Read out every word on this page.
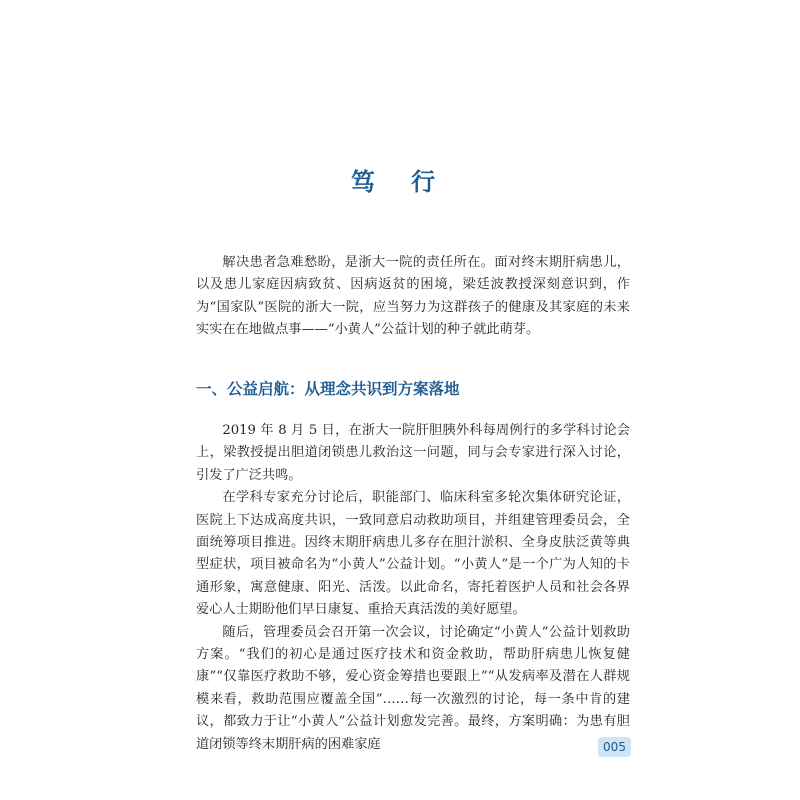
笃 行

解决患者急难愁盼，是浙大一院的责任所在。面对终末期肝病患儿，以及患儿家庭因病致贫、因病返贫的困境，梁廷波教授深刻意识到，作为“国家队”医院的浙大一院，应当努力为这群孩子的健康及其家庭的未来实实在在地做点事——“小黄人”公益计划的种子就此萌芽。

一、公益启航：从理念共识到方案落地

2019 年 8 月 5 日，在浙大一院肝胆胰外科每周例行的多学科讨论会上，梁教授提出胆道闭锁患儿救治这一问题，同与会专家进行深入讨论，引发了广泛共鸣。

在学科专家充分讨论后，职能部门、临床科室多轮次集体研究论证，医院上下达成高度共识，一致同意启动救助项目，并组建管理委员会，全面统筹项目推进。因终末期肝病患儿多存在胆汁淤积、全身皮肤泛黄等典型症状，项目被命名为“小黄人”公益计划。“小黄人”是一个广为人知的卡通形象，寓意健康、阳光、活泼。以此命名，寄托着医护人员和社会各界爱心人士期盼他们早日康复、重拾天真活泼的美好愿望。

随后，管理委员会召开第一次会议，讨论确定“小黄人”公益计划救助方案。“我们的初心是通过医疗技术和资金救助，帮助肝病患儿恢复健康”“仅靠医疗救助不够，爱心资金筹措也要跟上”“从发病率及潜在人群规模来看，救助范围应覆盖全国”……每一次激烈的讨论，每一条中肯的建议，都致力于让“小黄人”公益计划愈发完善。最终，方案明确：为患有胆道闭锁等终末期肝病的困难家庭	005
